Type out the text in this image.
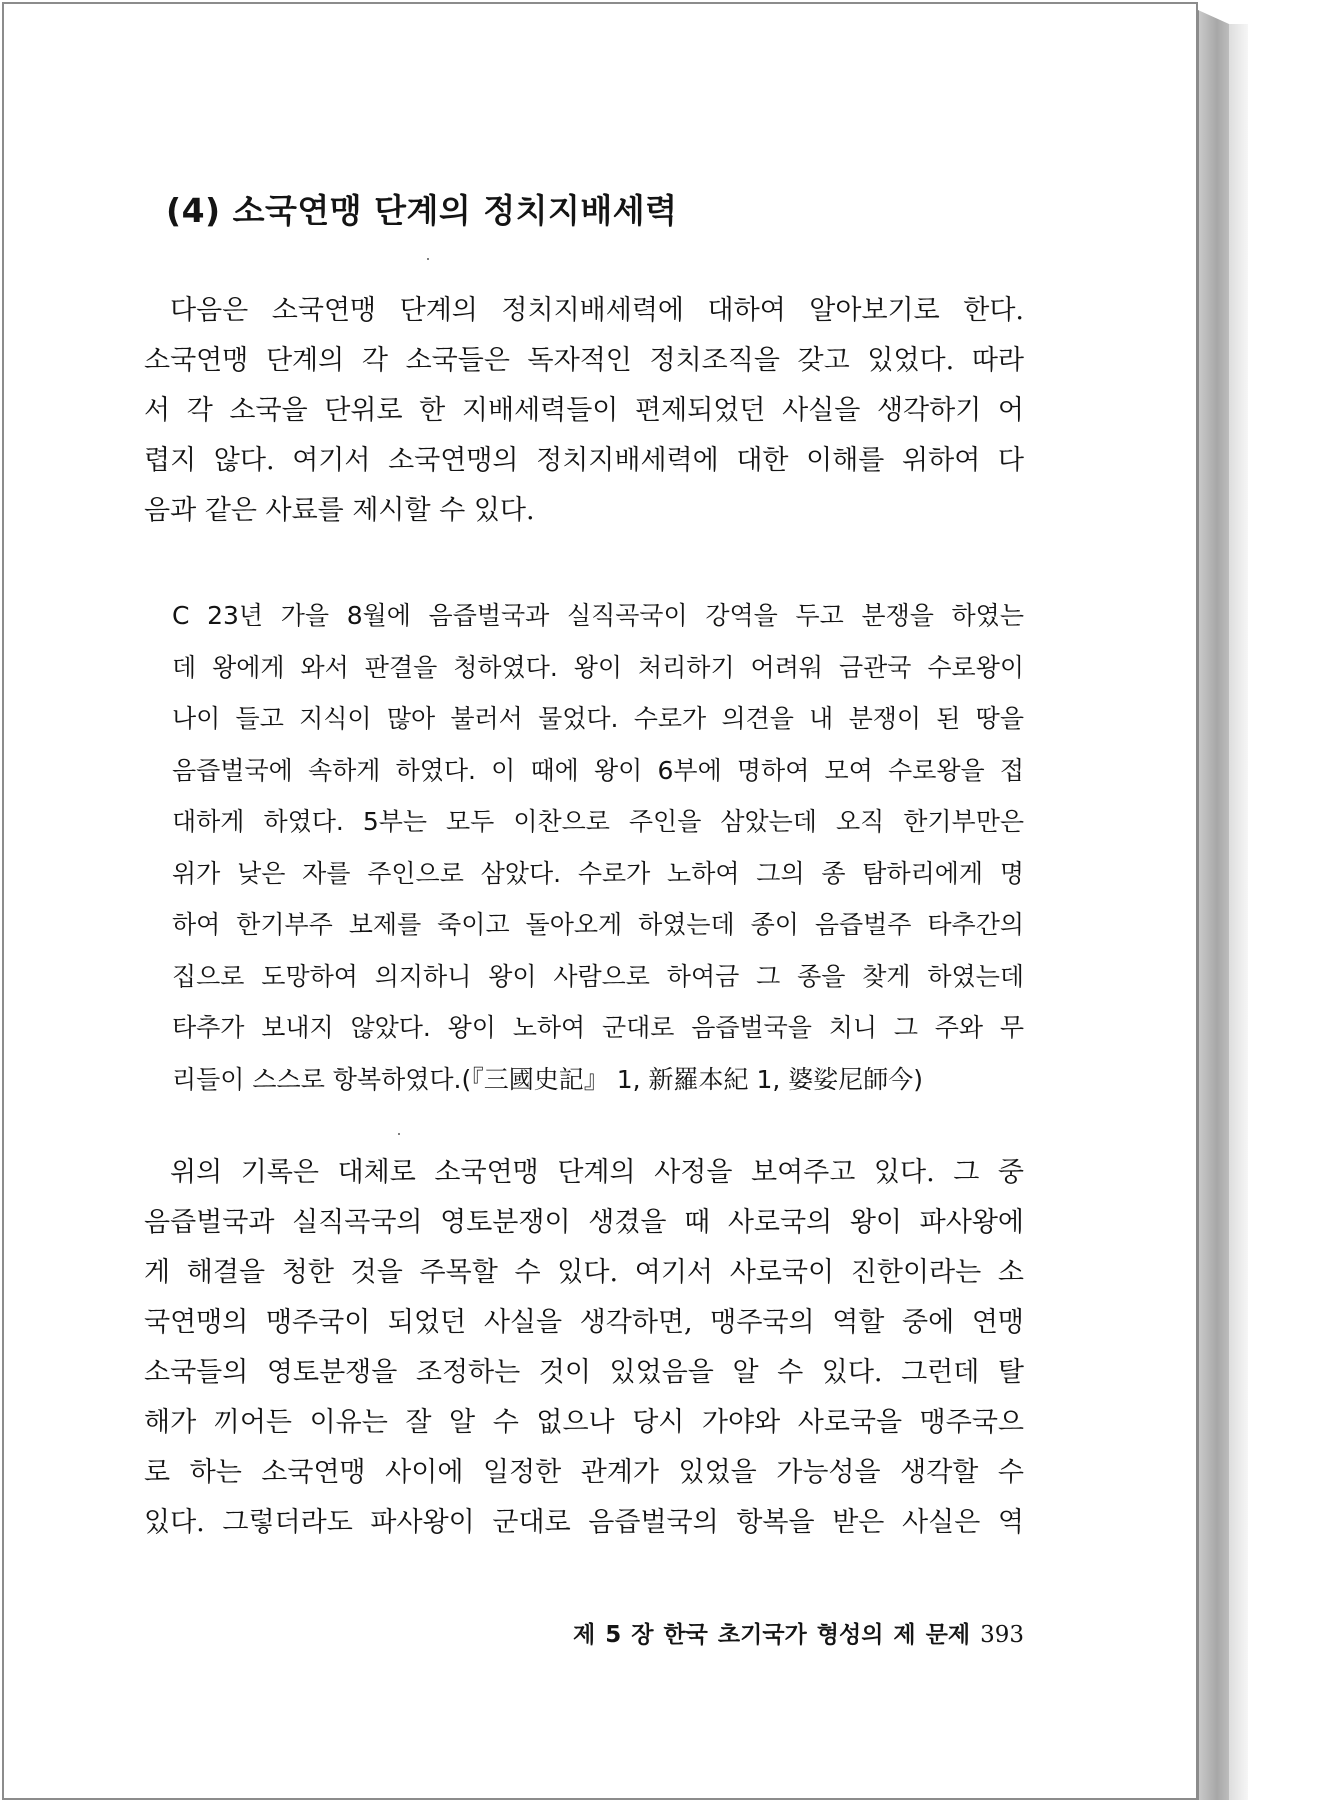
(4) 소국연맹 단계의 정치지배세력
다음은 소국연맹 단계의 정치지배세력에 대하여 알아보기로 한다.
소국연맹 단계의 각 소국들은 독자적인 정치조직을 갖고 있었다. 따라
서 각 소국을 단위로 한 지배세력들이 편제되었던 사실을 생각하기 어
렵지 않다. 여기서 소국연맹의 정치지배세력에 대한 이해를 위하여 다
음과 같은 사료를 제시할 수 있다.
C 23년 가을 8월에 음즙벌국과 실직곡국이 강역을 두고 분쟁을 하였는
데 왕에게 와서 판결을 청하였다. 왕이 처리하기 어려워 금관국 수로왕이
나이 들고 지식이 많아 불러서 물었다. 수로가 의견을 내 분쟁이 된 땅을
음즙벌국에 속하게 하였다. 이 때에 왕이 6부에 명하여 모여 수로왕을 접
대하게 하였다. 5부는 모두 이찬으로 주인을 삼았는데 오직 한기부만은
위가 낮은 자를 주인으로 삼았다. 수로가 노하여 그의 종 탐하리에게 명
하여 한기부주 보제를 죽이고 돌아오게 하였는데 종이 음즙벌주 타추간의
집으로 도망하여 의지하니 왕이 사람으로 하여금 그 종을 찾게 하였는데
타추가 보내지 않았다. 왕이 노하여 군대로 음즙벌국을 치니 그 주와 무
리들이 스스로 항복하였다.(『三國史記』 1, 新羅本紀 1, 婆娑尼師今)
위의 기록은 대체로 소국연맹 단계의 사정을 보여주고 있다. 그 중
음즙벌국과 실직곡국의 영토분쟁이 생겼을 때 사로국의 왕이 파사왕에
게 해결을 청한 것을 주목할 수 있다. 여기서 사로국이 진한이라는 소
국연맹의 맹주국이 되었던 사실을 생각하면, 맹주국의 역할 중에 연맹
소국들의 영토분쟁을 조정하는 것이 있었음을 알 수 있다. 그런데 탈
해가 끼어든 이유는 잘 알 수 없으나 당시 가야와 사로국을 맹주국으
로 하는 소국연맹 사이에 일정한 관계가 있었을 가능성을 생각할 수
있다. 그렇더라도 파사왕이 군대로 음즙벌국의 항복을 받은 사실은 역
제 5 장 한국 초기국가 형성의 제 문제 393
